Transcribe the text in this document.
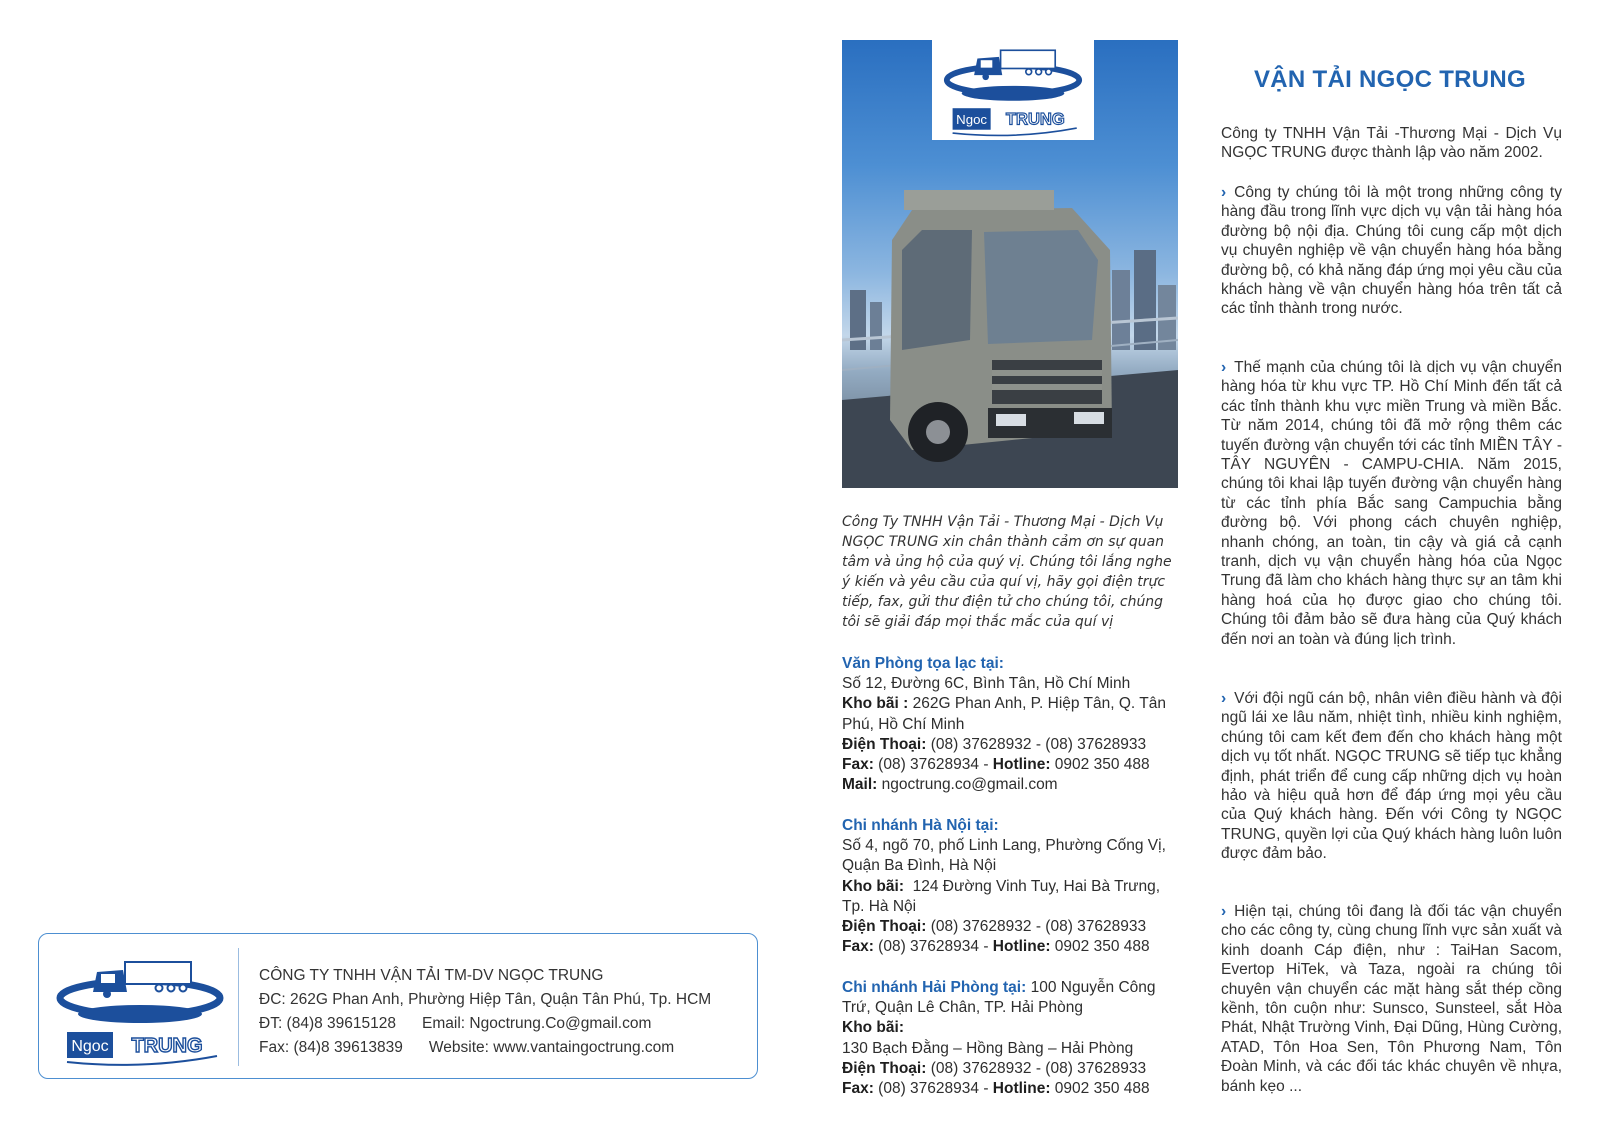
Ngoc TRUNG
CÔNG TY TNHH VẬN TẢI TM-DV NGỌC TRUNG
ĐC: 262G Phan Anh, Phường Hiệp Tân, Quận Tân Phú, Tp. HCM
ĐT: (84)8 39615128 Email: Ngoctrung.Co@gmail.com
Fax: (84)8 39613839 Website: www.vantaingoctrung.com
Ngoc TRUNG
Công Ty TNHH Vận Tải - Thương Mại - Dịch Vụ NGỌC TRUNG xin chân thành cảm ơn sự quan tâm và ủng hộ của quý vị. Chúng tôi lắng nghe ý kiến và yêu cầu của quí vị, hãy gọi điện trực tiếp, fax, gửi thư điện tử cho chúng tôi, chúng tôi sẽ giải đáp mọi thắc mắc của quí vị
Văn Phòng tọa lạc tại:
Số 12, Đường 6C, Bình Tân, Hồ Chí Minh
Kho bãi : 262G Phan Anh, P. Hiệp Tân, Q. Tân Phú, Hồ Chí Minh
Điện Thoại: (08) 37628932 - (08) 37628933
Fax: (08) 37628934 - Hotline: 0902 350 488
Mail: ngoctrung.co@gmail.com
Chi nhánh Hà Nội tại:
Số 4, ngõ 70, phố Linh Lang, Phường Cống Vị, Quận Ba Đình, Hà Nội
Kho bãi:  124 Đường Vinh Tuy, Hai Bà Trưng, Tp. Hà Nội
Điện Thoại: (08) 37628932 - (08) 37628933
Fax: (08) 37628934 - Hotline: 0902 350 488
Chi nhánh Hải Phòng tại: 100 Nguyễn Công Trứ, Quận Lê Chân, TP. Hải Phòng
Kho bãi:
130 Bạch Đằng – Hồng Bàng – Hải Phòng
Điện Thoại: (08) 37628932 - (08) 37628933
Fax: (08) 37628934 - Hotline: 0902 350 488
VẬN TẢI NGỌC TRUNG
Công ty TNHH Vận Tải -Thương Mại - Dịch Vụ NGỌC TRUNG được thành lập vào năm 2002.
› Công ty chúng tôi là một trong những công ty hàng đầu trong lĩnh vực dịch vụ vận tải hàng hóa đường bộ nội địa. Chúng tôi cung cấp một dịch vụ chuyên nghiệp về vận chuyển hàng hóa bằng đường bộ, có khả năng đáp ứng mọi yêu cầu của khách hàng về vận chuyển hàng hóa trên tất cả các tỉnh thành trong nước.
› Thế mạnh của chúng tôi là dịch vụ vận chuyển hàng hóa từ khu vực TP. Hồ Chí Minh đến tất cả các tỉnh thành khu vực miền Trung và miền Bắc. Từ năm 2014, chúng tôi đã mở rộng thêm các tuyến đường vận chuyển tới các tỉnh MIỀN TÂY - TÂY NGUYÊN - CAMPU-CHIA. Năm 2015, chúng tôi khai lập tuyến đường vận chuyển hàng từ các tỉnh phía Bắc sang Campuchia bằng đường bộ. Với phong cách chuyên nghiệp, nhanh chóng, an toàn, tin cậy và giá cả cạnh tranh, dịch vụ vận chuyển hàng hóa của Ngọc Trung đã làm cho khách hàng thực sự an tâm khi hàng hoá của họ được giao cho chúng tôi. Chúng tôi đảm bảo sẽ đưa hàng của Quý khách đến nơi an toàn và đúng lịch trình.
› Với đội ngũ cán bộ, nhân viên điều hành và đội ngũ lái xe lâu năm, nhiệt tình, nhiều kinh nghiệm, chúng tôi cam kết đem đến cho khách hàng một dịch vụ tốt nhất. NGỌC TRUNG sẽ tiếp tục khẳng định, phát triển để cung cấp những dịch vụ hoàn hảo và hiệu quả hơn để đáp ứng mọi yêu cầu của Quý khách hàng. Đến với Công ty NGỌC TRUNG, quyền lợi của Quý khách hàng luôn luôn được đảm bảo.
› Hiện tại, chúng tôi đang là đối tác vận chuyển cho các công ty, cùng chung lĩnh vực sản xuất và kinh doanh Cáp điện, như : TaiHan Sacom, Evertop HiTek, và Taza, ngoài ra chúng tôi chuyên vận chuyển các mặt hàng sắt thép cồng kềnh, tôn cuộn như: Sunsco, Sunsteel, sắt Hòa Phát, Nhật Trường Vinh, Đại Dũng, Hùng Cường, ATAD, Tôn Hoa Sen, Tôn Phương Nam, Tôn Đoàn Minh, và các đối tác khác chuyên về nhựa, bánh kẹo ...
